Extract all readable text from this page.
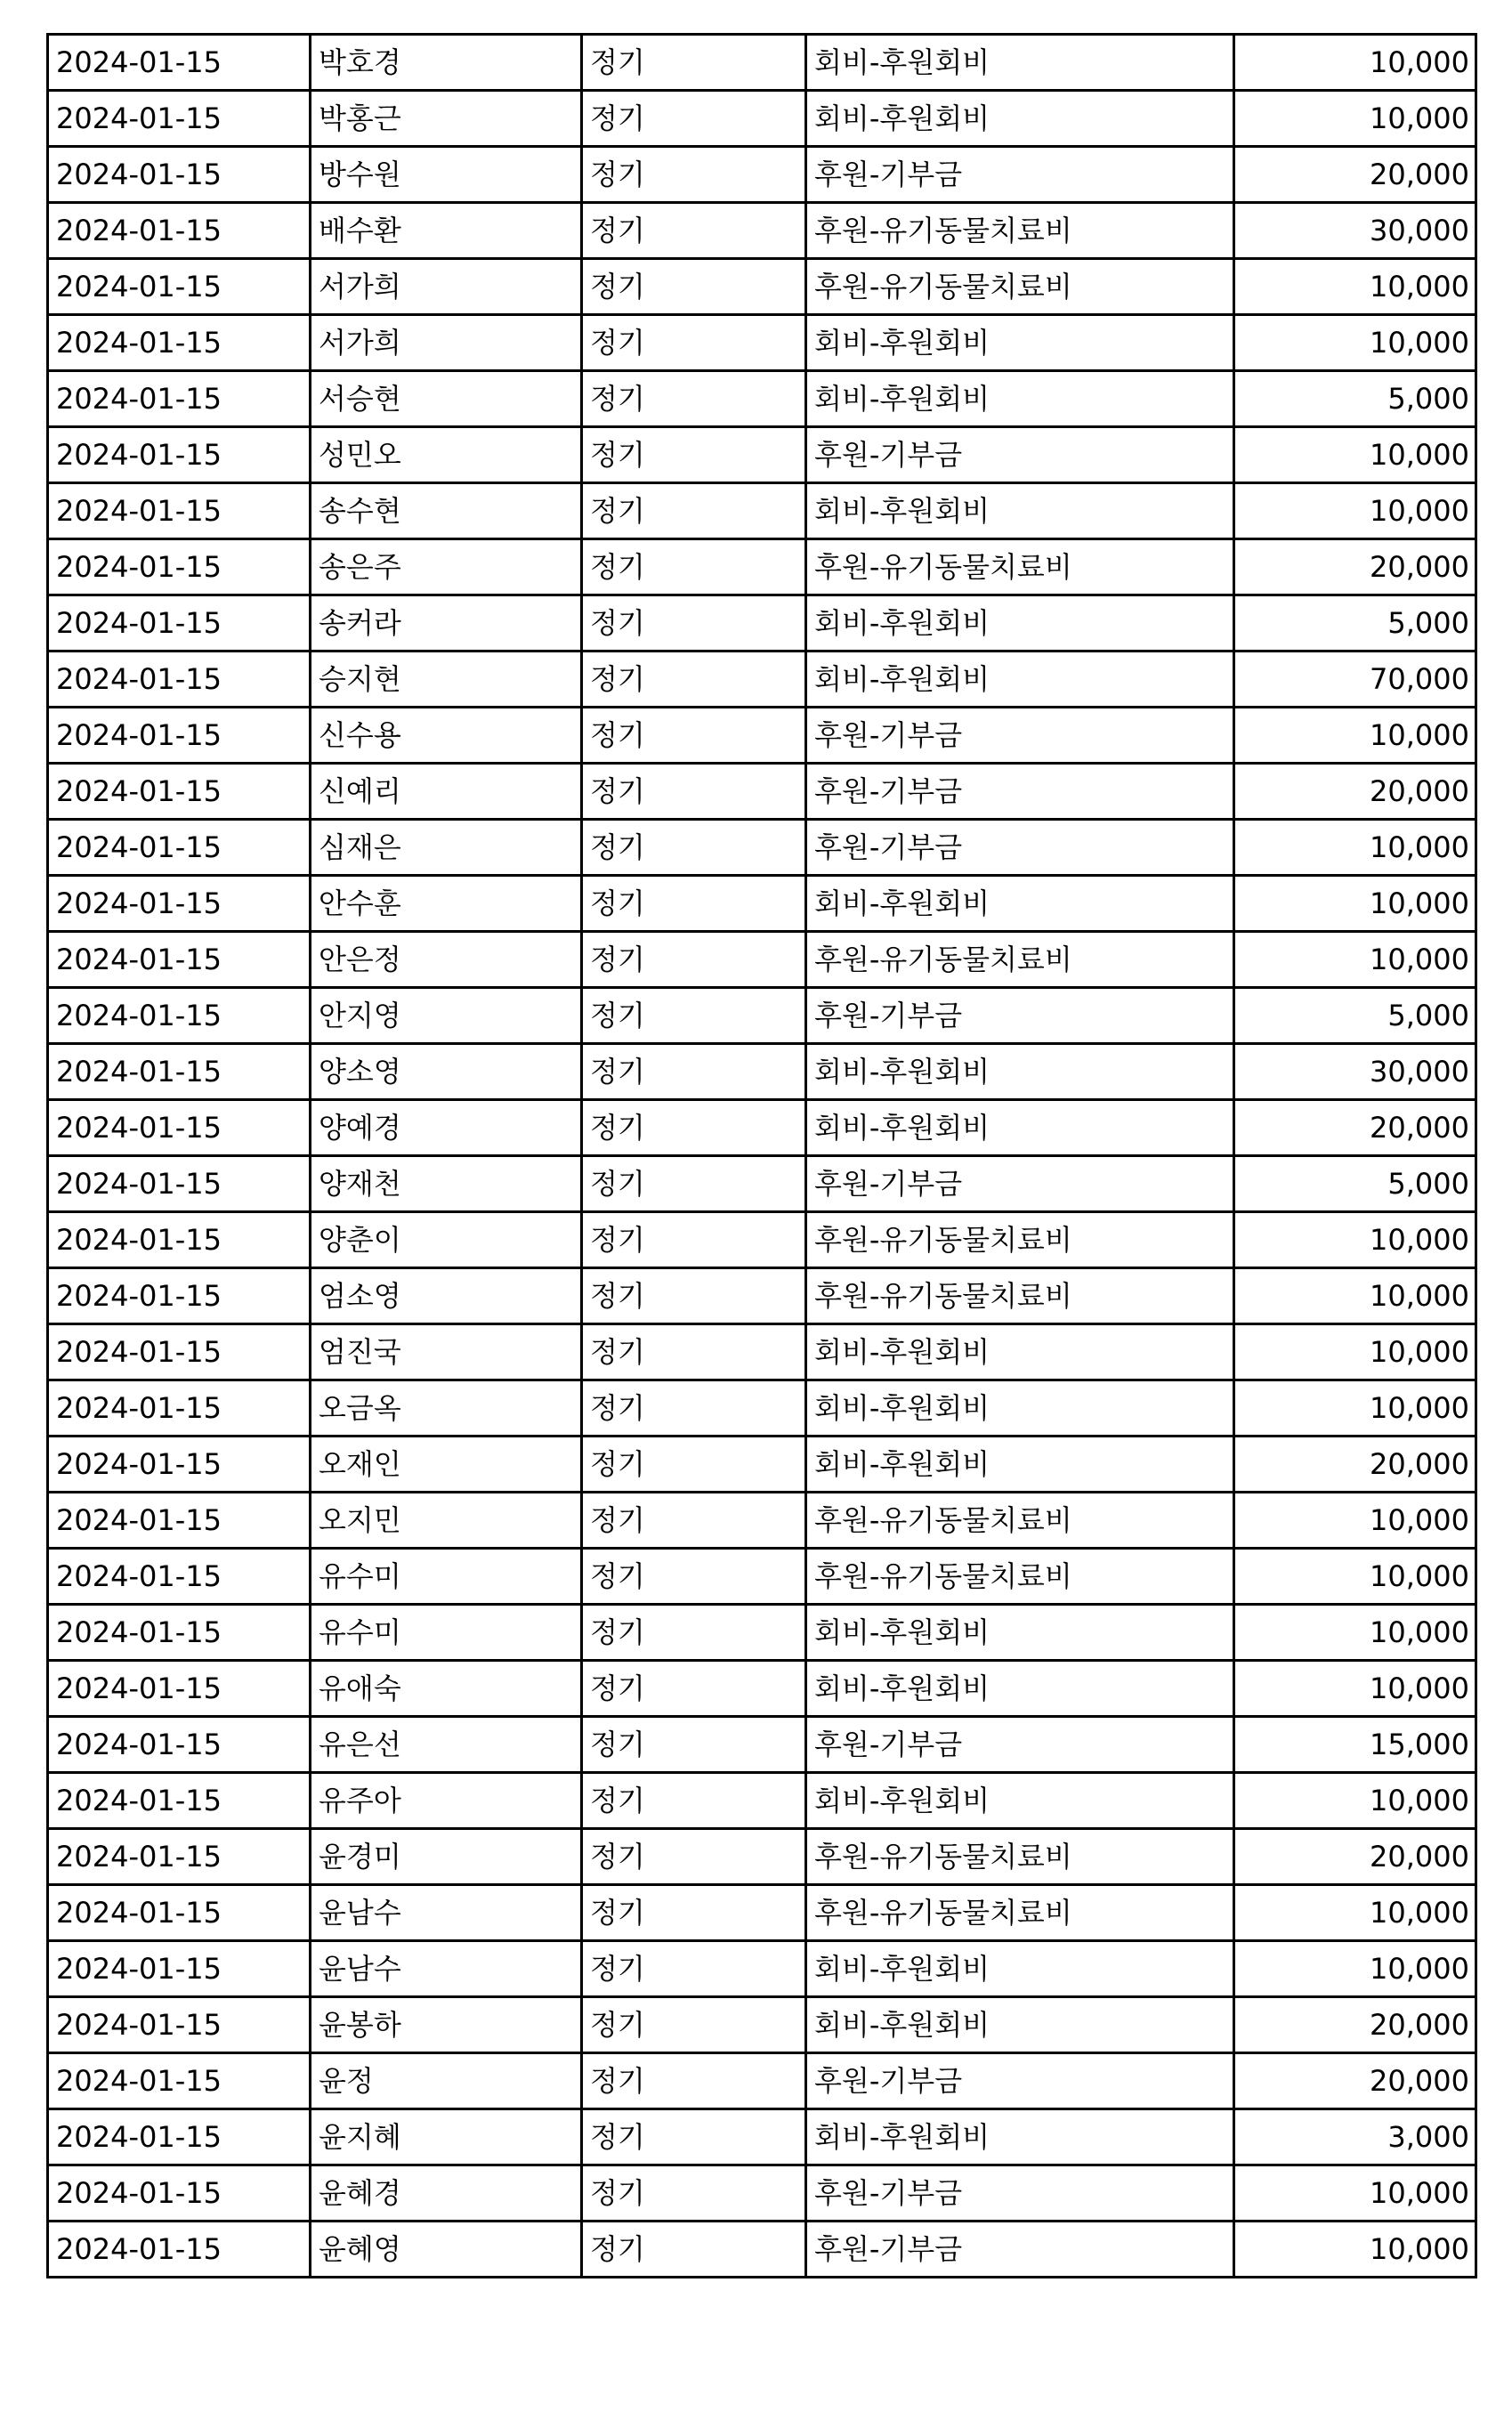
2024-01-15	박호경	정기	회비-후원회비	10,000
2024-01-15	박홍근	정기	회비-후원회비	10,000
2024-01-15	방수원	정기	후원-기부금	20,000
2024-01-15	배수환	정기	후원-유기동물치료비	30,000
2024-01-15	서가희	정기	후원-유기동물치료비	10,000
2024-01-15	서가희	정기	회비-후원회비	10,000
2024-01-15	서승현	정기	회비-후원회비	5,000
2024-01-15	성민오	정기	후원-기부금	10,000
2024-01-15	송수현	정기	회비-후원회비	10,000
2024-01-15	송은주	정기	후원-유기동물치료비	20,000
2024-01-15	송커라	정기	회비-후원회비	5,000
2024-01-15	승지현	정기	회비-후원회비	70,000
2024-01-15	신수용	정기	후원-기부금	10,000
2024-01-15	신예리	정기	후원-기부금	20,000
2024-01-15	심재은	정기	후원-기부금	10,000
2024-01-15	안수훈	정기	회비-후원회비	10,000
2024-01-15	안은정	정기	후원-유기동물치료비	10,000
2024-01-15	안지영	정기	후원-기부금	5,000
2024-01-15	양소영	정기	회비-후원회비	30,000
2024-01-15	양예경	정기	회비-후원회비	20,000
2024-01-15	양재천	정기	후원-기부금	5,000
2024-01-15	양춘이	정기	후원-유기동물치료비	10,000
2024-01-15	엄소영	정기	후원-유기동물치료비	10,000
2024-01-15	엄진국	정기	회비-후원회비	10,000
2024-01-15	오금옥	정기	회비-후원회비	10,000
2024-01-15	오재인	정기	회비-후원회비	20,000
2024-01-15	오지민	정기	후원-유기동물치료비	10,000
2024-01-15	유수미	정기	후원-유기동물치료비	10,000
2024-01-15	유수미	정기	회비-후원회비	10,000
2024-01-15	유애숙	정기	회비-후원회비	10,000
2024-01-15	유은선	정기	후원-기부금	15,000
2024-01-15	유주아	정기	회비-후원회비	10,000
2024-01-15	윤경미	정기	후원-유기동물치료비	20,000
2024-01-15	윤남수	정기	후원-유기동물치료비	10,000
2024-01-15	윤남수	정기	회비-후원회비	10,000
2024-01-15	윤봉하	정기	회비-후원회비	20,000
2024-01-15	윤정	정기	후원-기부금	20,000
2024-01-15	윤지혜	정기	회비-후원회비	3,000
2024-01-15	윤혜경	정기	후원-기부금	10,000
2024-01-15	윤혜영	정기	후원-기부금	10,000
